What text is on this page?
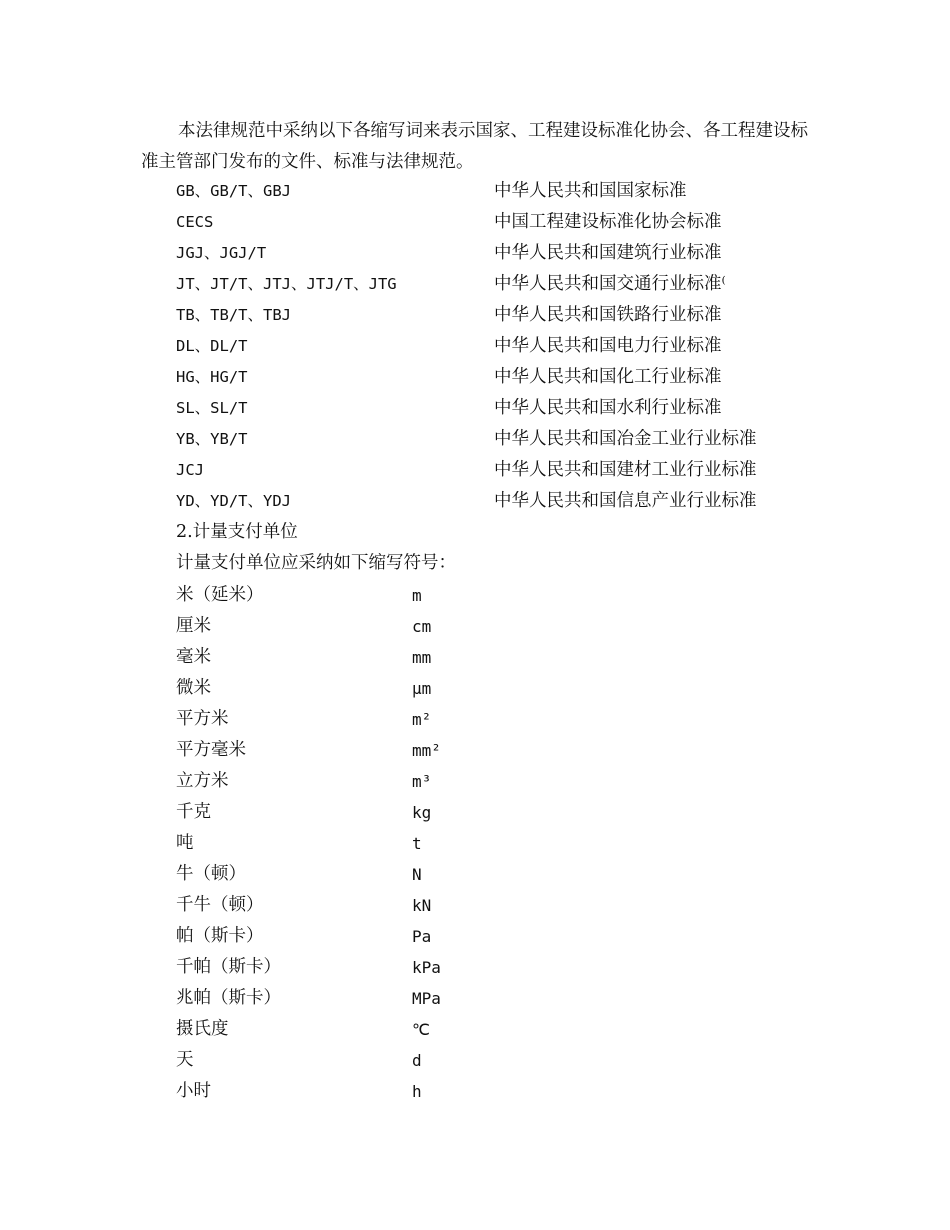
本法律规范中采纳以下各缩写词来表示国家、工程建设标准化协会、各工程建设标准主管部门发布的文件、标准与法律规范。

GB、GB/T、GBJ	中华人民共和国国家标准
CECS	中国工程建设标准化协会标准
JGJ、JGJ/T	中华人民共和国建筑行业标准
JT、JT/T、JTJ、JTJ/T、JTG	中华人民共和国交通行业标准⁽
TB、TB/T、TBJ	中华人民共和国铁路行业标准
DL、DL/T	中华人民共和国电力行业标准
HG、HG/T	中华人民共和国化工行业标准
SL、SL/T	中华人民共和国水利行业标准
YB、YB/T	中华人民共和国冶金工业行业标准
JCJ	中华人民共和国建材工业行业标准
YD、YD/T、YDJ	中华人民共和国信息产业行业标准
2.计量支付单位
计量支付单位应采纳如下缩写符号：
米（延米）	m
厘米	cm
毫米	mm
微米	μm
平方米	m²
平方毫米	mm²
立方米	m³
千克	kg
吨	t
牛（顿）	N
千牛（顿）	kN
帕（斯卡）	Pa
千帕（斯卡）	kPa
兆帕（斯卡）	MPa
摄氏度	℃
天	d
小时	h
